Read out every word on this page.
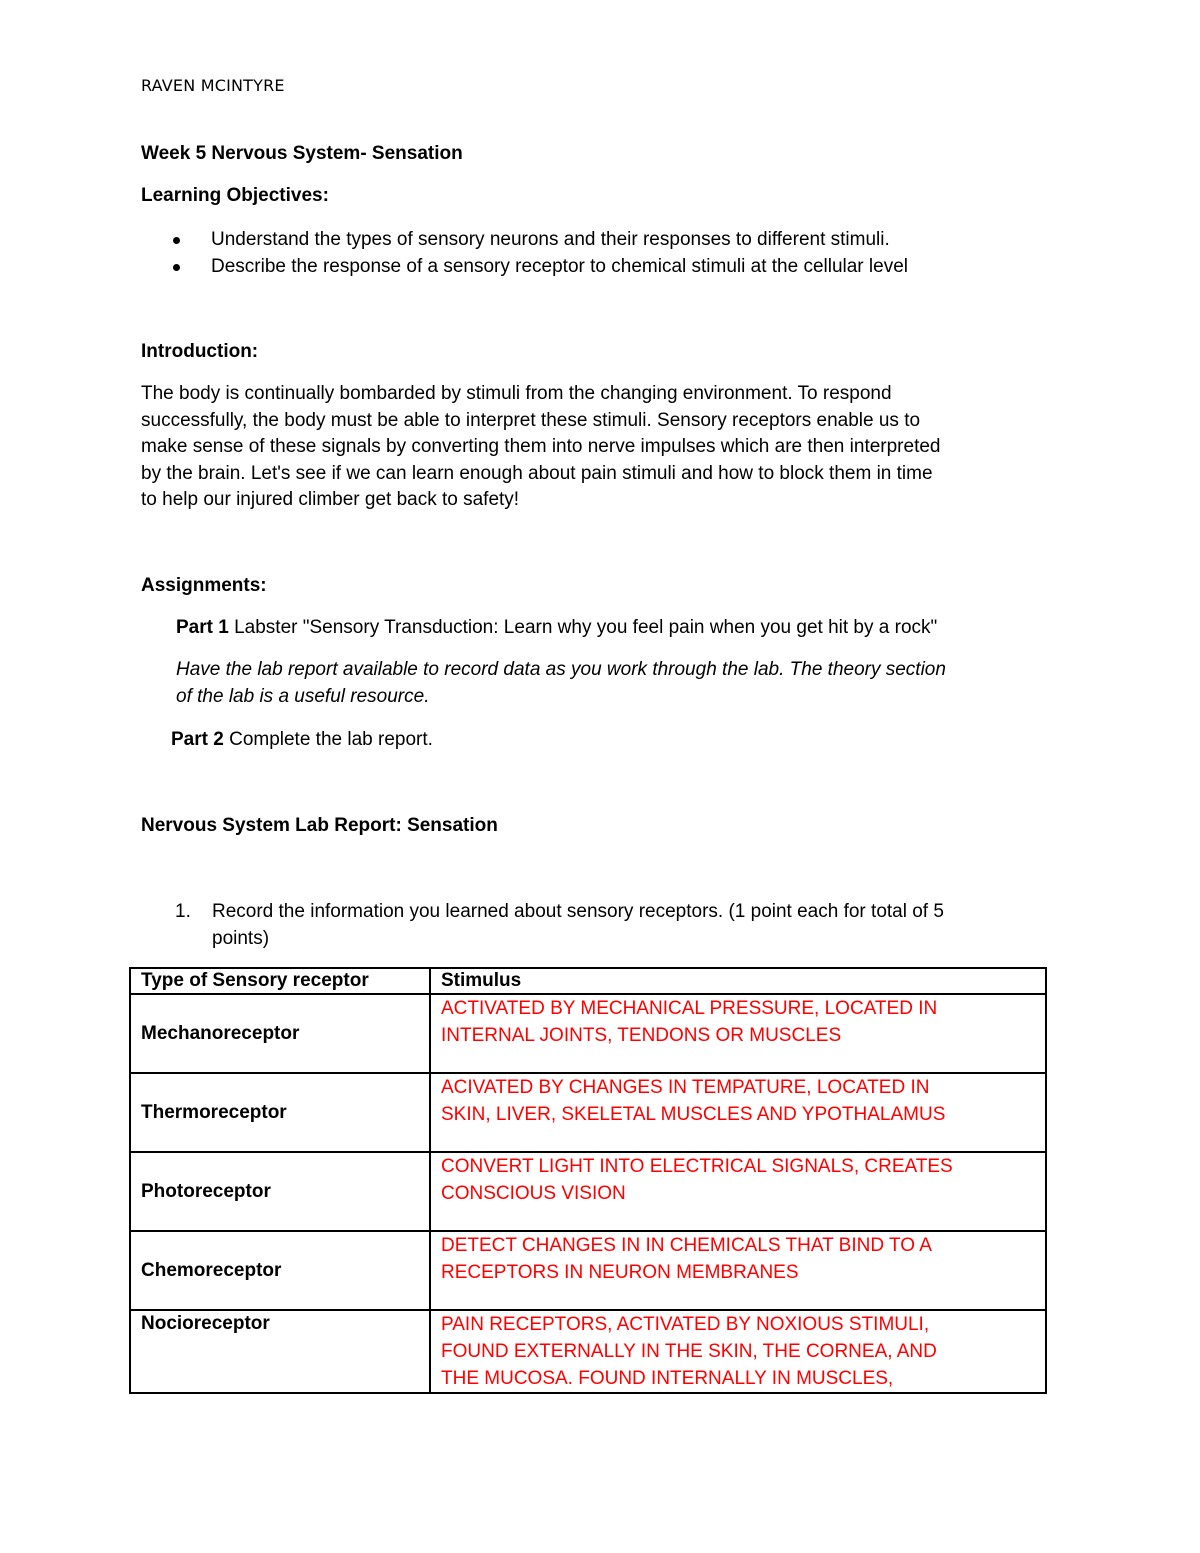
RAVEN MCINTYRE
Week 5 Nervous System- Sensation
Learning Objectives:
Understand the types of sensory neurons and their responses to different stimuli.
Describe the response of a sensory receptor to chemical stimuli at the cellular level
Introduction:
The body is continually bombarded by stimuli from the changing environment. To respond
successfully, the body must be able to interpret these stimuli. Sensory receptors enable us to
make sense of these signals by converting them into nerve impulses which are then interpreted
by the brain. Let's see if we can learn enough about pain stimuli and how to block them in time
to help our injured climber get back to safety!
Assignments:
Part 1 Labster "Sensory Transduction: Learn why you feel pain when you get hit by a rock"
Have the lab report available to record data as you work through the lab. The theory section
of the lab is a useful resource.
Part 2 Complete the lab report.
Nervous System Lab Report: Sensation
1. Record the information you learned about sensory receptors. (1 point each for total of 5
points)
Type of Sensory receptor	Stimulus
Mechanoreceptor	ACTIVATED BY MECHANICAL PRESSURE, LOCATED IN
INTERNAL JOINTS, TENDONS OR MUSCLES

Thermoreceptor	ACIVATED BY CHANGES IN TEMPATURE, LOCATED IN
SKIN, LIVER, SKELETAL MUSCLES AND YPOTHALAMUS

Photoreceptor	CONVERT LIGHT INTO ELECTRICAL SIGNALS, CREATES
CONSCIOUS VISION

Chemoreceptor	DETECT CHANGES IN IN CHEMICALS THAT BIND TO A
RECEPTORS IN NEURON MEMBRANES

Nocioreceptor	PAIN RECEPTORS, ACTIVATED BY NOXIOUS STIMULI,
FOUND EXTERNALLY IN THE SKIN, THE CORNEA, AND
THE MUCOSA. FOUND INTERNALLY IN MUSCLES,
